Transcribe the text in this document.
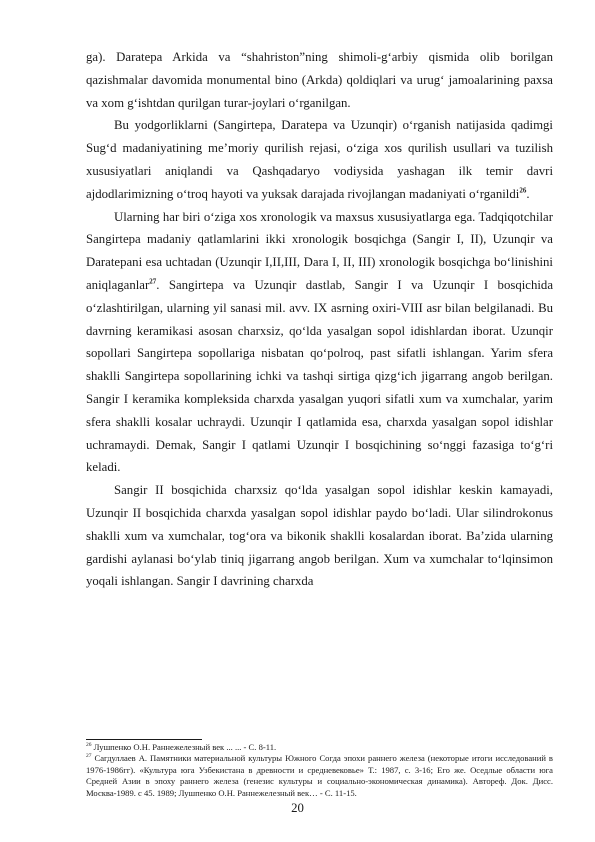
ga). Daratepa Arkida va “shahriston”ning shimoli-g‘arbiy qismida olib borilgan qazishmalar davomida monumental bino (Arkda) qoldiqlari va urug‘ jamoalarining paxsa va xom g‘ishtdan qurilgan turar-joylari o‘rganilgan.

Bu yodgorliklarni (Sangirtepa, Daratepa va Uzunqir) o‘rganish natijasida qadimgi Sug‘d madaniyatining me’moriy qurilish rejasi, o‘ziga xos qurilish usullari va tuzilish xususiyatlari aniqlandi va Qashqadaryo vodiysida yashagan ilk temir davri ajdodlarimizning o‘troq hayoti va yuksak darajada rivojlangan madaniyati o‘rganildi$^{26}$.

Ularning har biri o‘ziga xos xronologik va maxsus xususiyatlarga ega. Tadqiqotchilar Sangirtepa madaniy qatlamlarini ikki xronologik bosqichga (Sangir I, II), Uzunqir va Daratepani esa uchtadan (Uzunqir I,II,III, Dara I, II, III) xronologik bosqichga bo‘linishini aniqlaganlar$^{27}$. Sangirtepa va Uzunqir dastlab, Sangir I va Uzunqir I bosqichida o‘zlashtirilgan, ularning yil sanasi mil. avv. IX asrning oxiri-VIII asr bilan belgilanadi. Bu davrning keramikasi asosan charxsiz, qo‘lda yasalgan sopol idishlardan iborat. Uzunqir sopollari Sangirtepa sopollariga nisbatan qo‘polroq, past sifatli ishlangan. Yarim sfera shaklli Sangirtepa sopollarining ichki va tashqi sirtiga qizg‘ich jigarrang angob berilgan. Sangir I keramika kompleksida charxda yasalgan yuqori sifatli xum va xumchalar, yarim sfera shaklli kosalar uchraydi. Uzunqir I qatlamida esa, charxda yasalgan sopol idishlar uchramaydi. Demak, Sangir I qatlami Uzunqir I bosqichining so‘nggi fazasiga to‘g‘ri keladi.

Sangir II bosqichida charxsiz qo‘lda yasalgan sopol idishlar keskin kamayadi, Uzunqir II bosqichida charxda yasalgan sopol idishlar paydo bo‘ladi. Ular silindrokonus shaklli xum va xumchalar, tog‘ora va bikonik shaklli kosalardan iborat. Ba’zida ularning gardishi aylanasi bo‘ylab tiniq jigarrang angob berilgan. Xum va xumchalar to‘lqinsimon yoqali ishlangan. Sangir I davrining charxda

$^{26}$ Лушпенко О.Н. Раннежелезный век ... ... - С. 8-11.

$^{27}$ Сагдуллаев А. Памятники материальной культуры Южного Согда эпохи раннего железа (некоторые итоги исследований в 1976-1986гг). «Культура юга Узбекистана в древности и средневековье» Т.: 1987, с. 3-16; Его же. Оседлые области юга Средней Азии в эпоху раннего железа (генезис культуры и социально-экономическая динамика). Автореф. Док. Дисс. Москва-1989. с 45. 1989; Лушпенко О.Н. Раннежелезный век… - С. 11-15.

20
